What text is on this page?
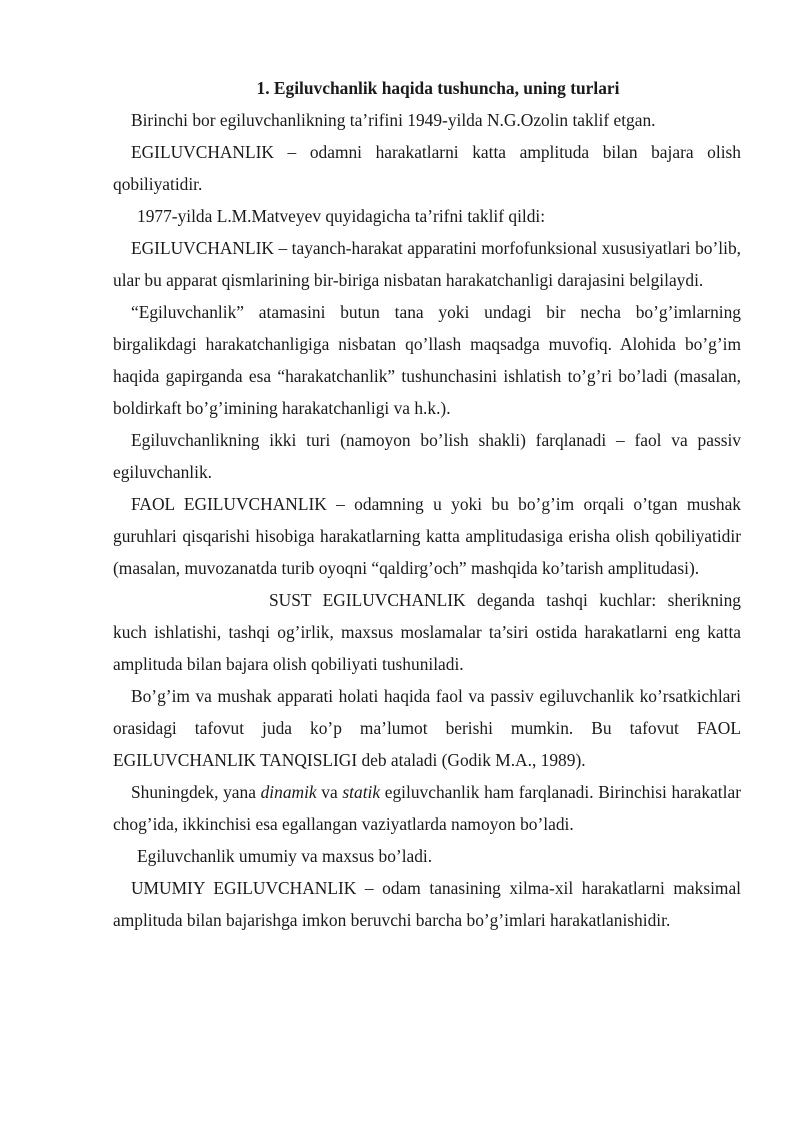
1. Egiluvchanlik haqida tushuncha, uning turlari

Birinchi bor egiluvchanlikning ta’rifini 1949-yilda N.G.Ozolin taklif etgan.

EGILUVCHANLIK – odamni harakatlarni katta amplituda bilan bajara olish qobiliyatidir.

1977-yilda L.M.Matveyev quyidagicha ta’rifni taklif qildi:

EGILUVCHANLIK – tayanch-harakat apparatini morfofunksional xususiyatlari bo’lib, ular bu apparat qismlarining bir-biriga nisbatan harakatchanligi darajasini belgilaydi.

“Egiluvchanlik” atamasini butun tana yoki undagi bir necha bo’g’imlarning birgalikdagi harakatchanligiga nisbatan qo’llash maqsadga muvofiq. Alohida bo’g’im haqida gapirganda esa “harakatchanlik” tushunchasini ishlatish to’g’ri bo’ladi (masalan, boldirkaft bo’g’imining harakatchanligi va h.k.).

Egiluvchanlikning ikki turi (namoyon bo’lish shakli) farqlanadi – faol va passiv egiluvchanlik.

FAOL EGILUVCHANLIK – odamning u yoki bu bo’g’im orqali o’tgan mushak guruhlari qisqarishi hisobiga harakatlarning katta amplitudasiga erisha olish qobiliyatidir (masalan, muvozanatda turib oyoqni “qaldirg’och” mashqida ko’tarish amplitudasi).

SUST EGILUVCHANLIK deganda tashqi kuchlar: sherikning kuch ishlatishi, tashqi og’irlik, maxsus moslamalar ta’siri ostida harakatlarni eng katta amplituda bilan bajara olish qobiliyati tushuniladi.

Bo’g’im va mushak apparati holati haqida faol va passiv egiluvchanlik ko’rsatkichlari orasidagi tafovut juda ko’p ma’lumot berishi mumkin. Bu tafovut FAOL EGILUVCHANLIK TANQISLIGI deb ataladi (Godik M.A., 1989).

Shuningdek, yana dinamik va statik egiluvchanlik ham farqlanadi. Birinchisi harakatlar chog’ida, ikkinchisi esa egallangan vaziyatlarda namoyon bo’ladi.

Egiluvchanlik umumiy va maxsus bo’ladi.

UMUMIY EGILUVCHANLIK – odam tanasining xilma-xil harakatlarni maksimal amplituda bilan bajarishga imkon beruvchi barcha bo’g’imlari harakatlanishidir.
